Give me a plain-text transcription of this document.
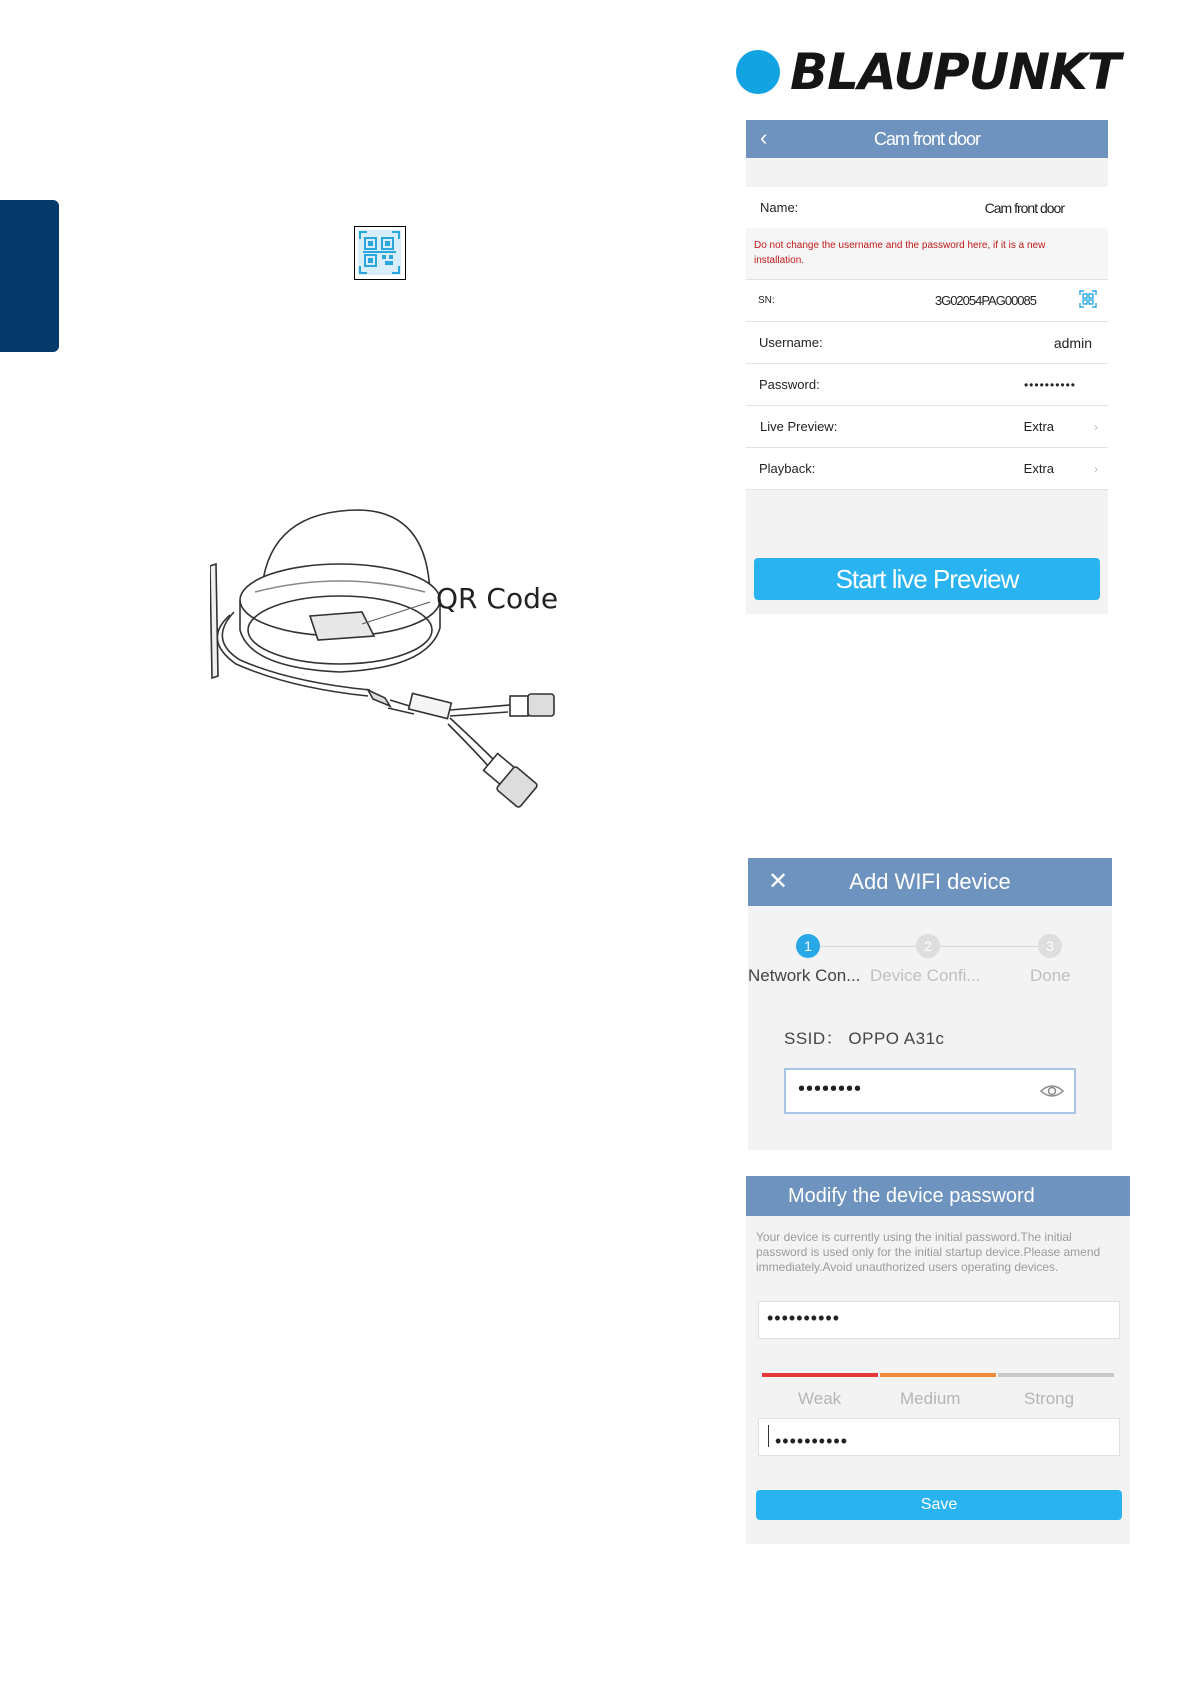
BLAUPUNKT
QR Code
Cam front door
‹
Name:	Cam front door
Do not change the username and the password here, if it is a new installation.
SN:	3G02054PAG00085
Username:	admin
Password:	••••••••••
Live Preview:	Extra	›
Playback:	Extra	›
Start live Preview
Add WIFI device
✕
1	2	3
Network Con... Device Confi...	Done
SSID： OPPO A31c
••••••••
Modify the device password
Your device is currently using the initial password.The initial password is used only for the initial startup device.Please amend immediately.Avoid unauthorized users operating devices.
••••••••••
Weak	Medium	Strong
••••••••••
Save
